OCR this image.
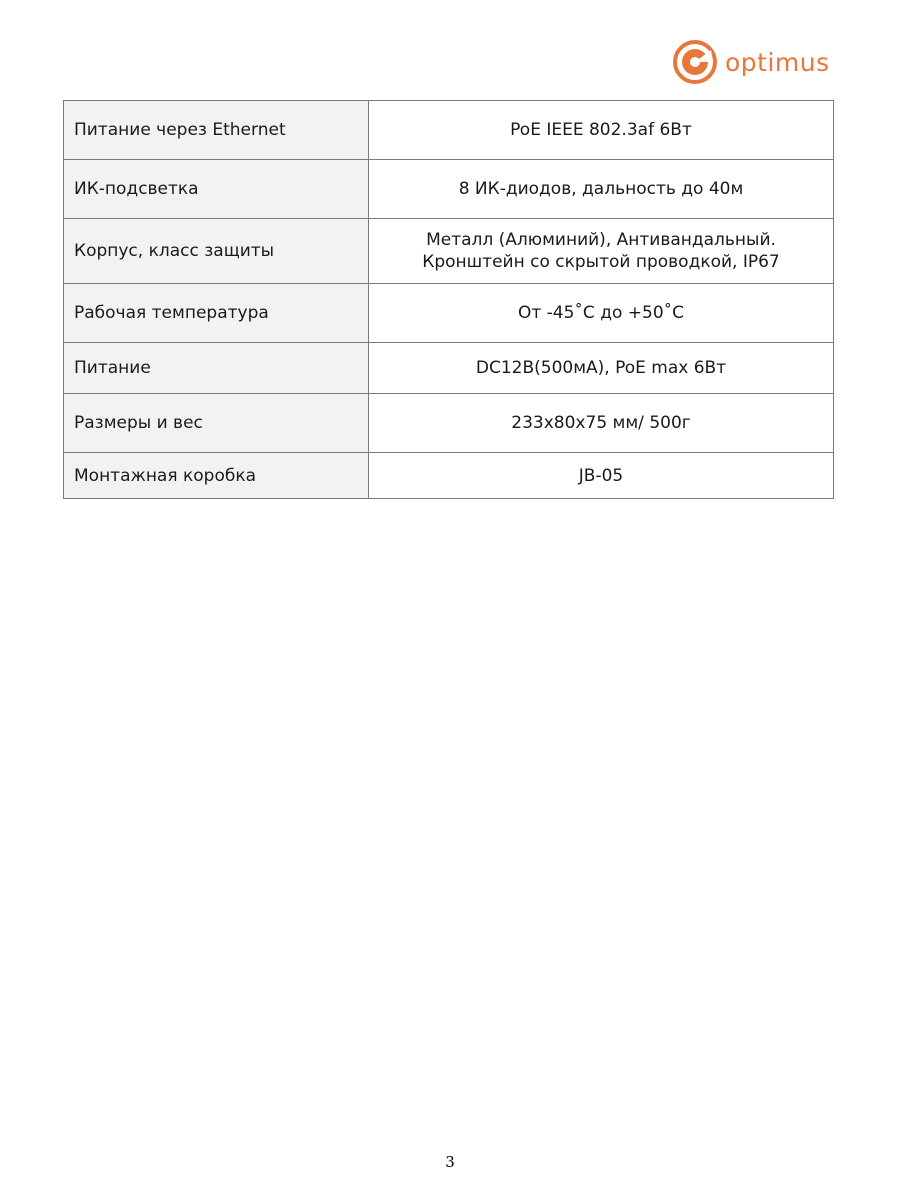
optimus
Питание через Ethernet	PoE IEEE 802.3af 6Вт
ИК-подсветка	8 ИК-диодов, дальность до 40м
Корпус, класс защиты	Металл (Алюминий), Антивандальный.
Кронштейн со скрытой проводкой, IP67

Рабочая температура	От -45˚С до +50˚С
Питание	DC12В(500мА), PoE max 6Вт
Размеры и вес	233x80x75 мм/ 500г
Монтажная коробка	JB-05
3
